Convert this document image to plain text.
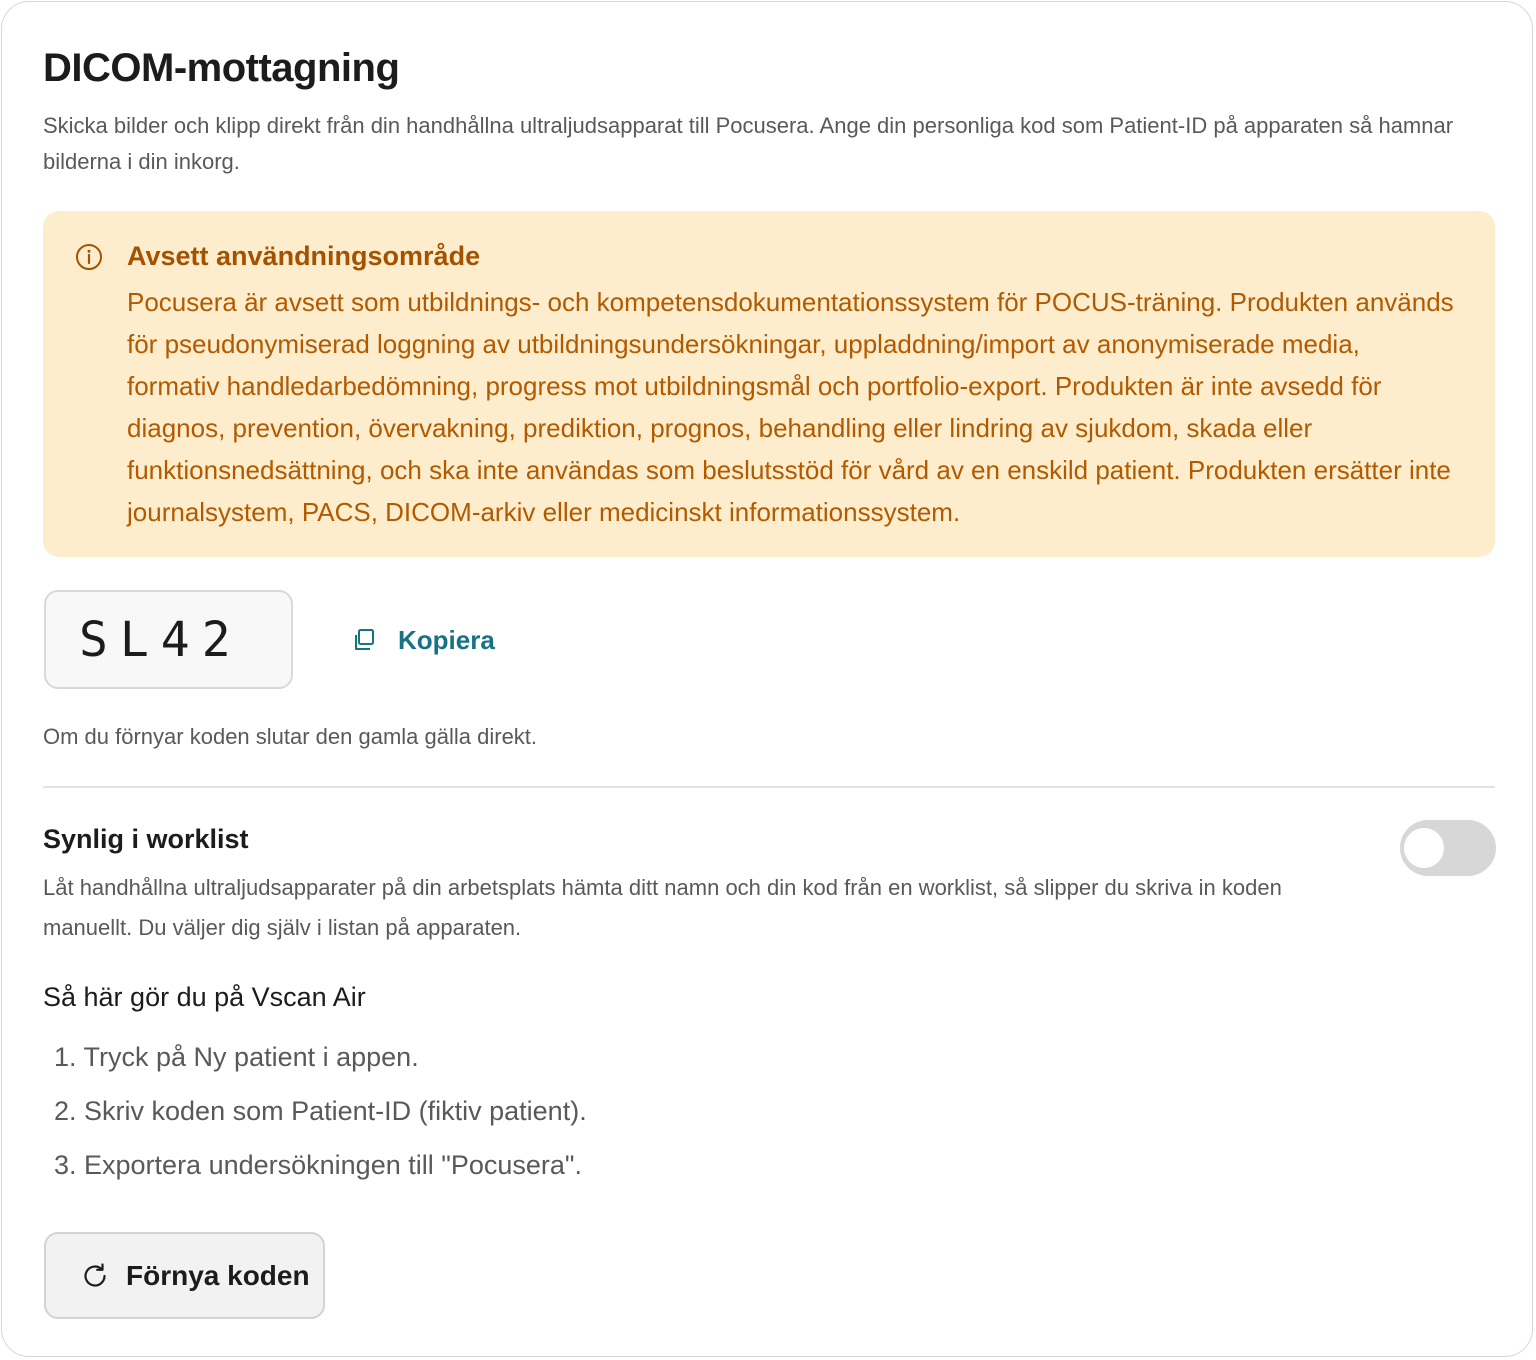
DICOM-mottagning

Skicka bilder och klipp direkt från din handhållna ultraljudsapparat till Pocusera. Ange din personliga kod som Patient-ID på apparaten så hamnar bilderna i din inkorg.

Avsett användningsområde

Pocusera är avsett som utbildnings- och kompetensdokumentationssystem för POCUS-träning. Produkten används för pseudonymiserad loggning av utbildningsundersökningar, uppladdning/import av anonymiserade media, formativ handledarbedömning, progress mot utbildningsmål och portfolio-export. Produkten är inte avsedd för diagnos, prevention, övervakning, prediktion, prognos, behandling eller lindring av sjukdom, skada eller funktionsnedsättning, och ska inte användas som beslutsstöd för vård av en enskild patient. Produkten ersätter inte journalsystem, PACS, DICOM-arkiv eller medicinskt informationssystem.

SL42	Kopiera

Om du förnyar koden slutar den gamla gälla direkt.

Synlig i worklist

Låt handhållna ultraljudsapparater på din arbetsplats hämta ditt namn och din kod från en worklist, så slipper du skriva in koden manuellt. Du väljer dig själv i listan på apparaten.

Så här gör du på Vscan Air
1. Tryck på Ny patient i appen.
2. Skriv koden som Patient-ID (fiktiv patient).
3. Exportera undersökningen till "Pocusera".
Förnya koden
